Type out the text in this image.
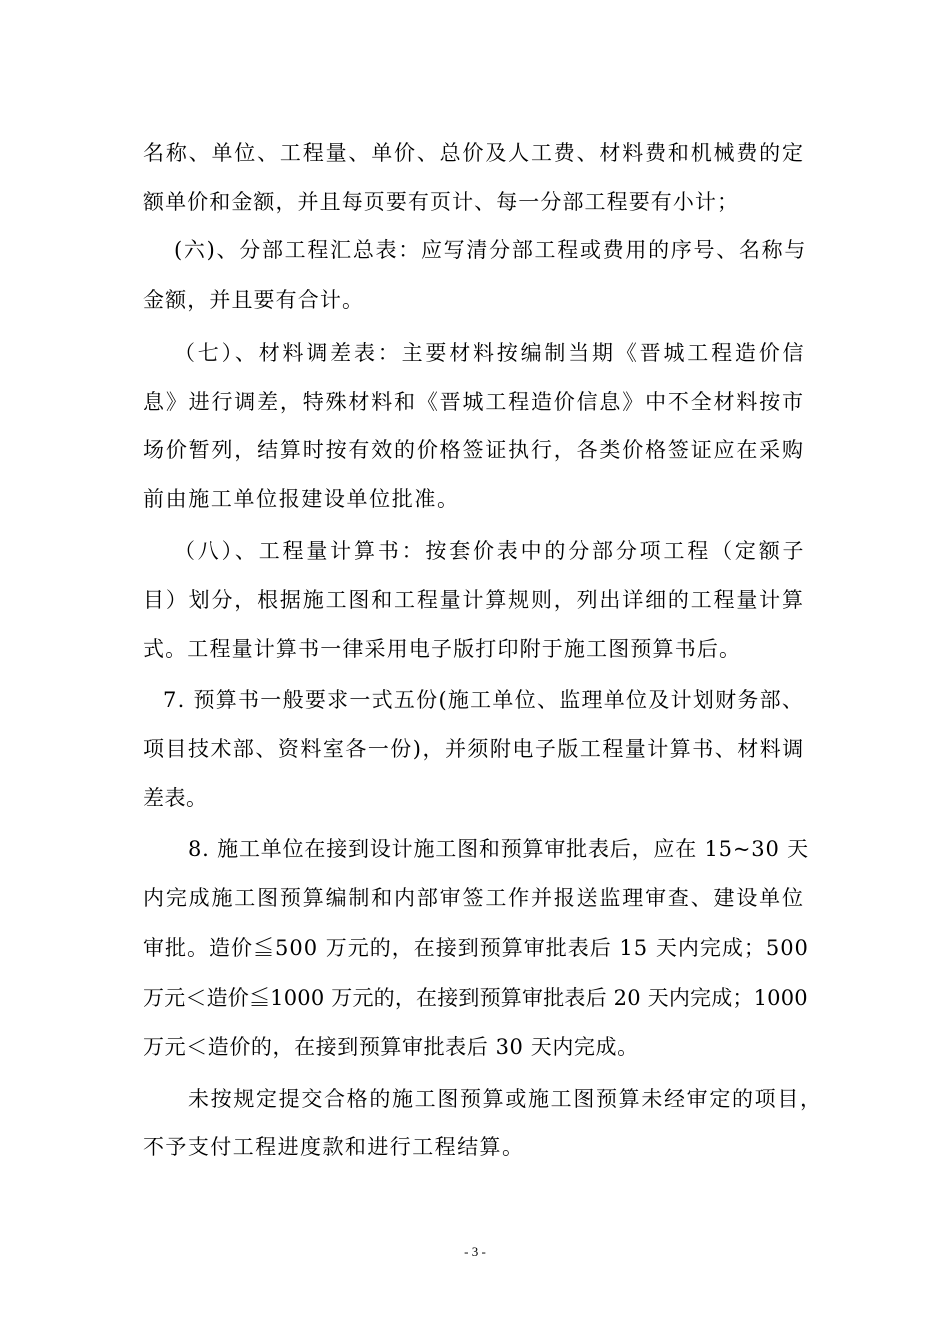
名称、单位、工程量、单价、总价及人工费、材料费和机械费的定
额单价和金额，并且每页要有页计、每一分部工程要有小计；
(六)、分部工程汇总表：应写清分部工程或费用的序号、名称与
金额，并且要有合计。
（七）、材料调差表：主要材料按编制当期《晋城工程造价信
息》进行调差，特殊材料和《晋城工程造价信息》中不全材料按市
场价暂列，结算时按有效的价格签证执行，各类价格签证应在采购
前由施工单位报建设单位批准。
（八）、工程量计算书：按套价表中的分部分项工程（定额子
目）划分，根据施工图和工程量计算规则，列出详细的工程量计算
式。工程量计算书一律采用电子版打印附于施工图预算书后。
7. 预算书一般要求一式五份(施工单位、监理单位及计划财务部、
项目技术部、资料室各一份)，并须附电子版工程量计算书、材料调
差表。
8. 施工单位在接到设计施工图和预算审批表后，应在 15~30 天
内完成施工图预算编制和内部审签工作并报送监理审查、建设单位
审批。造价≦500 万元的，在接到预算审批表后 15 天内完成；500
万元＜造价≦1000 万元的，在接到预算审批表后 20 天内完成；1000
万元＜造价的，在接到预算审批表后 30 天内完成。
未按规定提交合格的施工图预算或施工图预算未经审定的项目，
不予支付工程进度款和进行工程结算。
- 3 -
